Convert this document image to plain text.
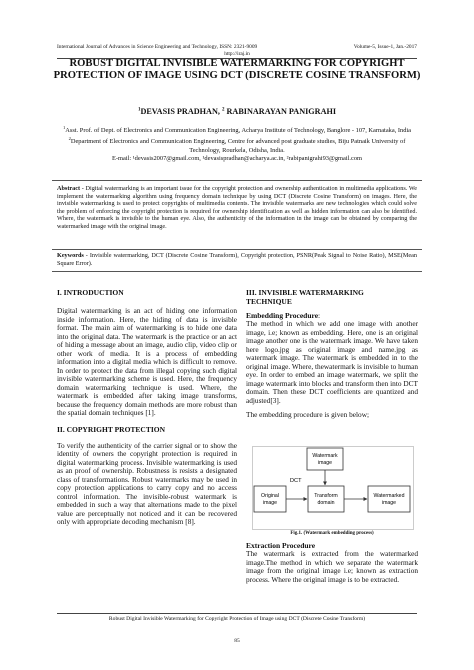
International Journal of Advances in Science Engineering and Technology, ISSN: 2321-9009	Volume-5, Issue-1, Jan.-2017
http://iraj.in
ROBUST DIGITAL INVISIBLE WATERMARKING FOR COPYRIGHT PROTECTION OF IMAGE USING DCT (DISCRETE COSINE TRANSFORM)
$^1$DEVASIS PRADHAN, $^2$ RABINARAYAN PANIGRAHI
$^1$Asst. Prof. of Dept. of Electronics and Communication Engineering, Acharya Institute of Technology, Banglore - 107, Karnataka, India
$^2$Department of Electronics and Communication Engineering, Centre for advanced post graduate studies, Biju Patnaik University of Technology, Rourkela, Odisha, India.
E-mail: ¹devasis2007@gmail.com, ¹devasispradhan@acharya.ac.in, ²rabipanigrahi93@gmail.com
Abstract - Digital watermarking is an important issue for the copyright protection and ownership authentication in multimedia applications. We implement the watermarking algorithm using frequency domain technique by using DCT (Discrete Cosine Transform) on images. Here, the invisible watermarking is used to protect copyrights of multimedia contents. The invisible watermarks are new technologies which could solve the problem of enforcing the copyright protection is required for ownership identification as well as hidden information can also be identified. Where, the watermark is invisible to the human eye. Also, the authenticity of the information in the image can be obtained by comparing the watermarked image with the original image.
Keywords - Invisible watermarking, DCT (Discrete Cosine Transform), Copyright protection, PSNR(Peak Signal to Noise Ratio), MSE(Mean Square Error).
I. INTRODUCTION

Digital watermarking is an act of hiding one information inside information. Here, the hiding of data is invisible format. The main aim of watermarking is to hide one data into the original data. The watermark is the practice or an act of hiding a message about an image, audio clip, video clip or other work of media. It is a process of embedding information into a digital media which is difficult to remove. In order to protect the data from illegal copying such digital invisible watermarking scheme is used. Here, the frequency domain watermarking technique is used. Where, the watermark is embedded after taking image transforms, because the frequency domain methods are more robust than the spatial domain techniques [1].

II. COPYRIGHT PROTECTION

To verify the authenticity of the carrier signal or to show the identity of owners the copyright protection is required in digital watermarking process. Invisible watermarking is used as an proof of ownership. Robustness is resists a designated class of transformations. Robust watermarks may be used in copy protection applications to carry copy and no access control information. The invisible-robust watermark is embedded in such a way that alternations made to the pixel value are perceptually not noticed and it can be recovered only with appropriate decoding mechanism [8].

III. INVISIBLE WATERMARKING
TECHNIQUE
Embedding Procedure:

The method in which we add one image with another image, i.e; known as embedding. Here, one is an original image another one is the watermark image. We have taken here logo.jpg as original image and name.jpg as watermark image. The watermark is embedded in to the original image. Where, thewatermark is invisible to human eye. In order to embed an image watermark, we split the image watermark into blocks and transform then into DCT domain. Then these DCT coefficients are quantized and adjusted[3].

The embedding procedure is given below;

Watermark
image
Original
image
Transform
domain
Watermarked
image
DCT
Fig.1. (Watermark embedding process)
Extraction Procedure

The watermark is extracted from the watermarked image.The method in which we separate the watermark image from the original image i.e; known as extraction process. Where the original image is to be extracted.

Robust Digital Invisible Watermarking for Copyright Protection of Image using DCT (Discrete Cosine Transform)
85
